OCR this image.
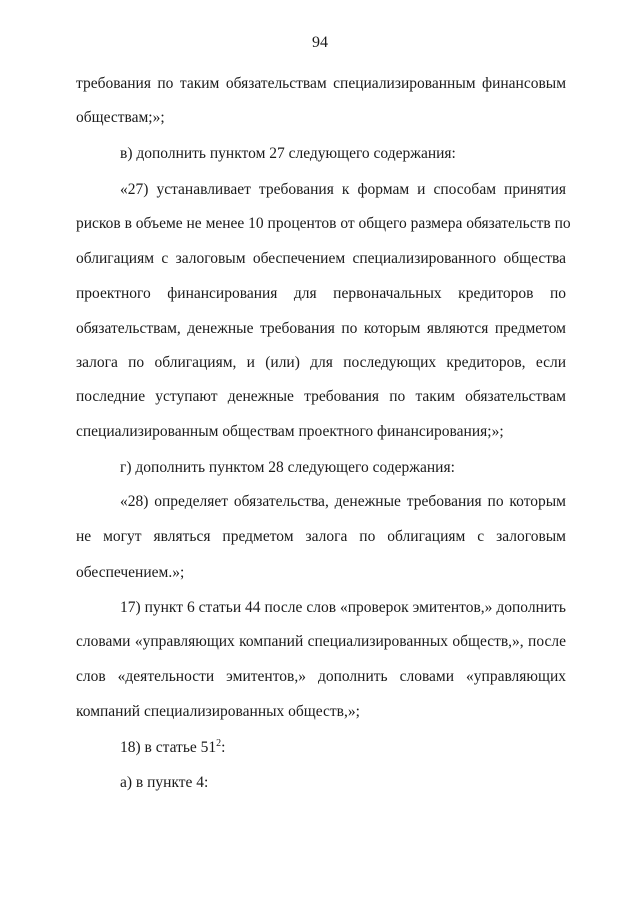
94
требования по таким обязательствам специализированным финансовым
обществам;»;
в) дополнить пунктом 27 следующего содержания:
«27) устанавливает требования к формам и способам принятия
рисков в объеме не менее 10 процентов от общего размера обязательств по
облигациям с залоговым обеспечением специализированного общества
проектного финансирования для первоначальных кредиторов по
обязательствам, денежные требования по которым являются предметом
залога по облигациям, и (или) для последующих кредиторов, если
последние уступают денежные требования по таким обязательствам
специализированным обществам проектного финансирования;»;
г) дополнить пунктом 28 следующего содержания:
«28) определяет обязательства, денежные требования по которым
не могут являться предметом залога по облигациям с залоговым
обеспечением.»;
17) пункт 6 статьи 44 после слов «проверок эмитентов,» дополнить
словами «управляющих компаний специализированных обществ,», после
слов «деятельности эмитентов,» дополнить словами «управляющих
компаний специализированных обществ,»;
18) в статье $51^2$:
а) в пункте 4:
